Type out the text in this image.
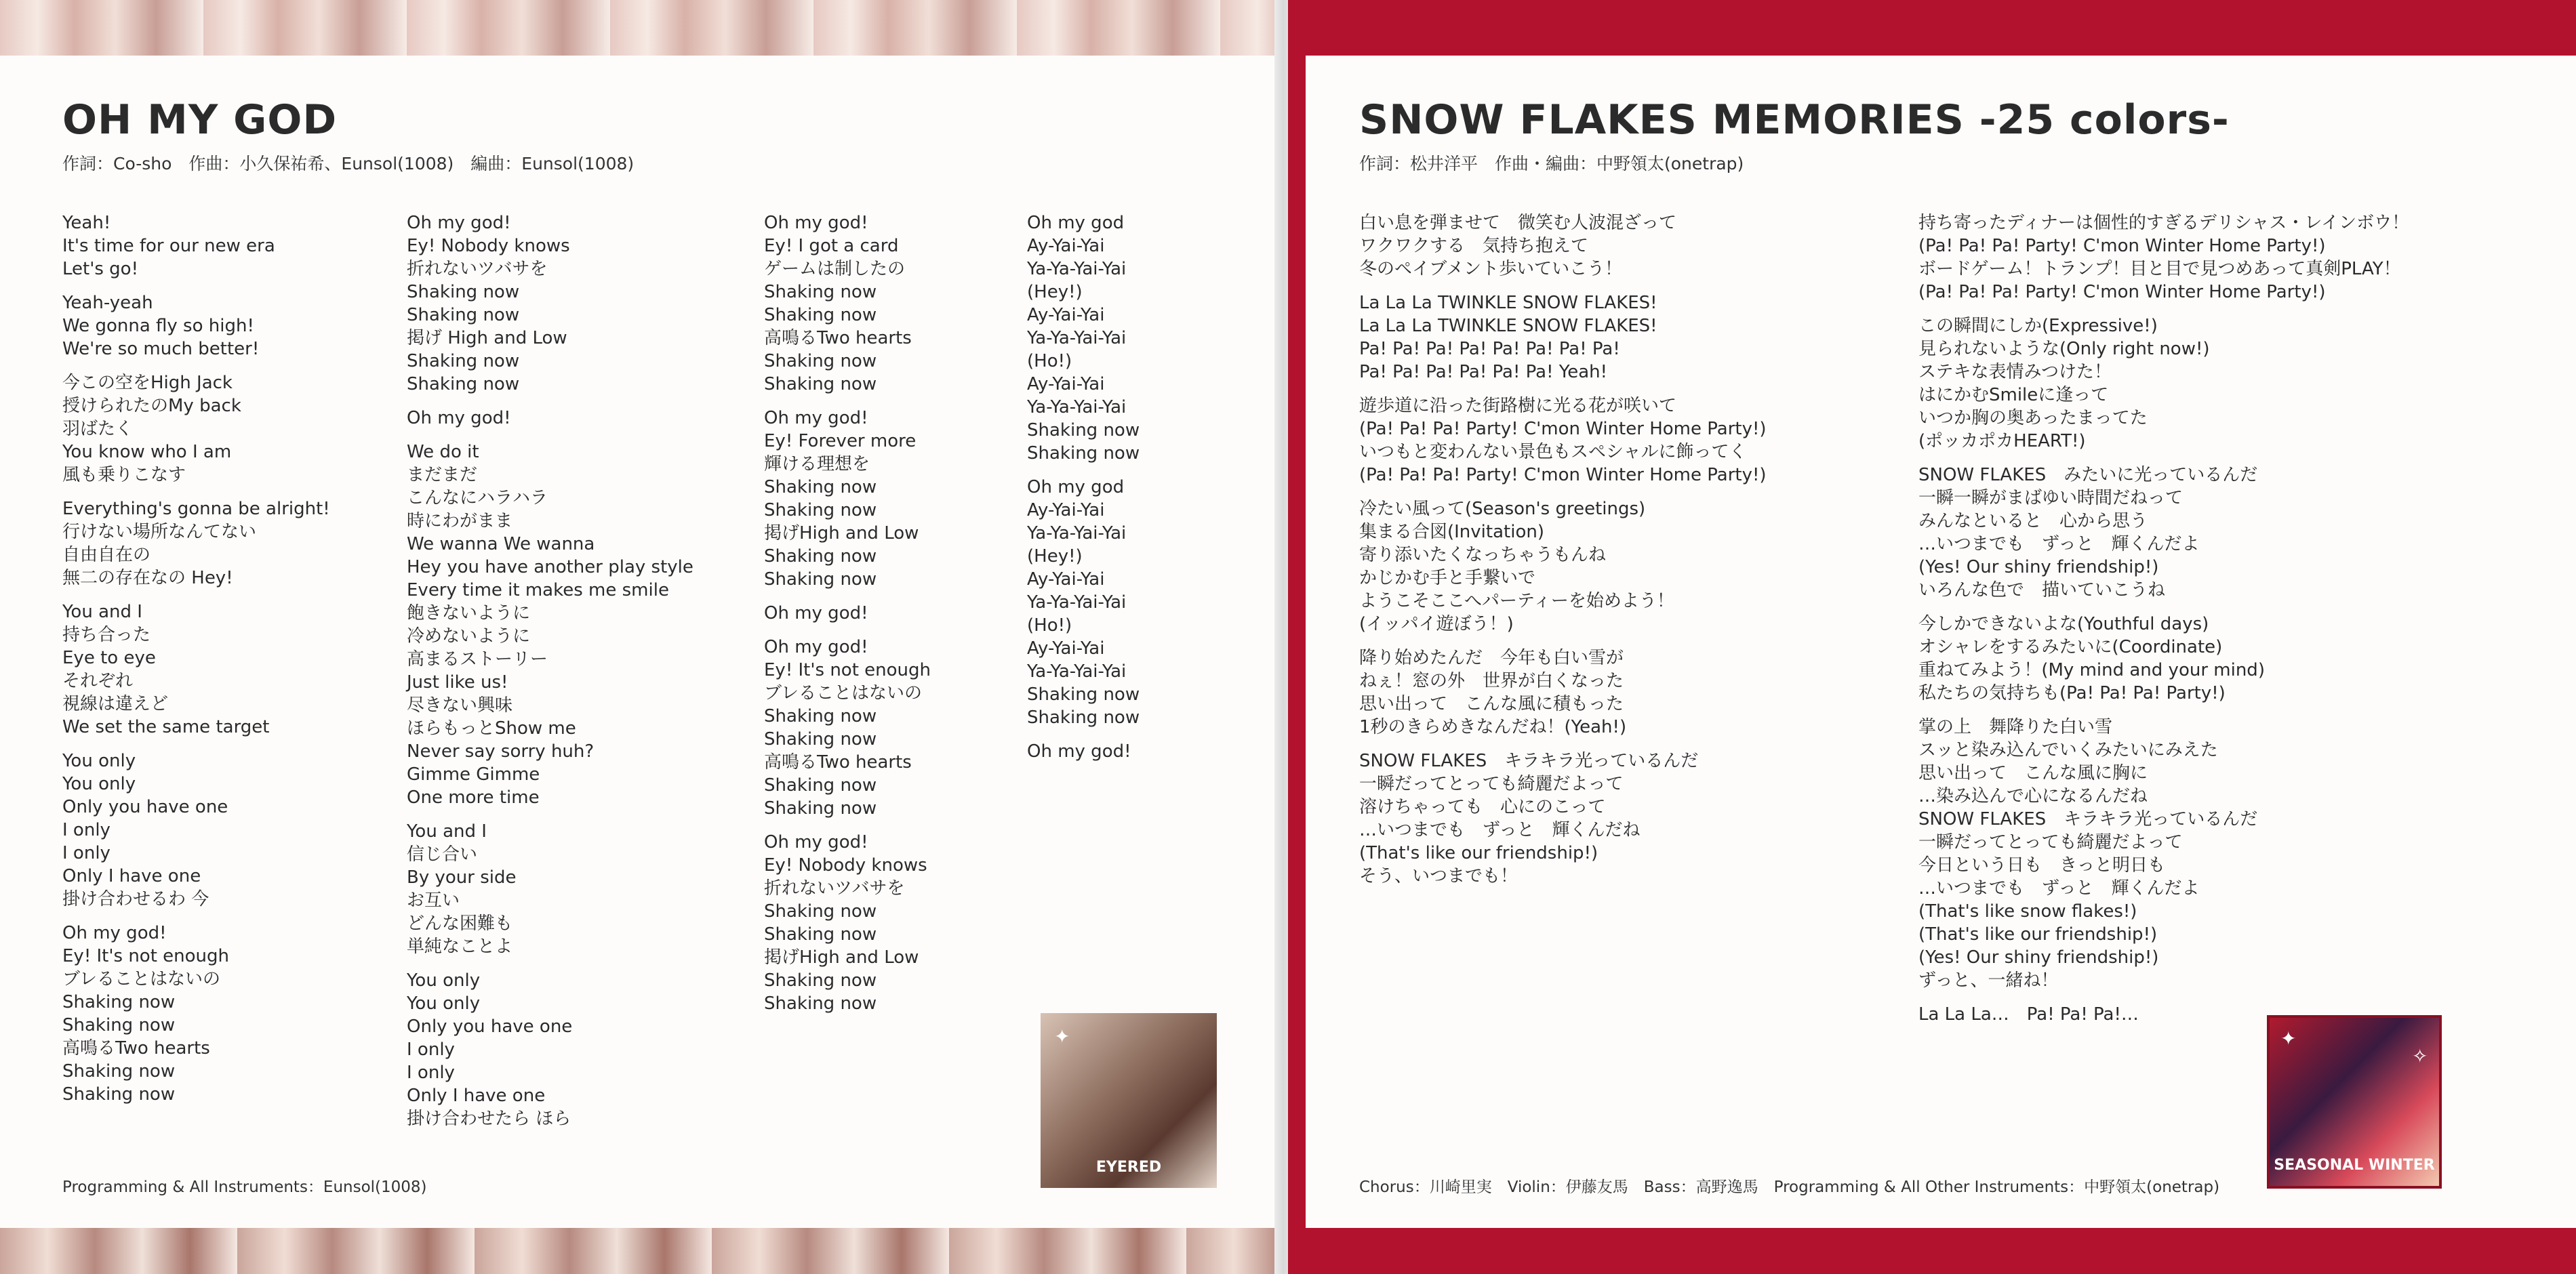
OH MY GOD
作詞：Co-sho　作曲：小久保祐希、Eunsol(1008)　編曲：Eunsol(1008)
Yeah!
It's time for our new era
Let's go!
Yeah-yeah
We gonna fly so high!
We're so much better!
今この空をHigh Jack
授けられたのMy back
羽ばたく
You know who I am
風も乗りこなす
Everything's gonna be alright!
行けない場所なんてない
自由自在の
無二の存在なの Hey!
You and I
持ち合った
Eye to eye
それぞれ
視線は違えど
We set the same target
You only
You only
Only you have one
I only
I only
Only I have one
掛け合わせるわ 今
Oh my god!
Ey! It's not enough
ブレることはないの
Shaking now
Shaking now
高鳴るTwo hearts
Shaking now
Shaking now
Oh my god!
Ey! Nobody knows
折れないツバサを
Shaking now
Shaking now
掲げ High and Low
Shaking now
Shaking now
Oh my god!
We do it
まだまだ
こんなにハラハラ
時にわがまま
We wanna We wanna
Hey you have another play style
Every time it makes me smile
飽きないように
冷めないように
高まるストーリー
Just like us!
尽きない興味
ほらもっとShow me
Never say sorry huh?
Gimme Gimme
One more time
You and I
信じ合い
By your side
お互い
どんな困難も
単純なことよ
You only
You only
Only you have one
I only
I only
Only I have one
掛け合わせたら ほら
Oh my god!
Ey! I got a card
ゲームは制したの
Shaking now
Shaking now
高鳴るTwo hearts
Shaking now
Shaking now
Oh my god!
Ey! Forever more
輝ける理想を
Shaking now
Shaking now
掲げHigh and Low
Shaking now
Shaking now
Oh my god!
Oh my god!
Ey! It's not enough
ブレることはないの
Shaking now
Shaking now
高鳴るTwo hearts
Shaking now
Shaking now
Oh my god!
Ey! Nobody knows
折れないツバサを
Shaking now
Shaking now
掲げHigh and Low
Shaking now
Shaking now
Oh my god
Ay-Yai-Yai
Ya-Ya-Yai-Yai
(Hey!)
Ay-Yai-Yai
Ya-Ya-Yai-Yai
(Ho!)
Ay-Yai-Yai
Ya-Ya-Yai-Yai
Shaking now
Shaking now
Oh my god
Ay-Yai-Yai
Ya-Ya-Yai-Yai
(Hey!)
Ay-Yai-Yai
Ya-Ya-Yai-Yai
(Ho!)
Ay-Yai-Yai
Ya-Ya-Yai-Yai
Shaking now
Shaking now
Oh my god!
Programming & All Instruments：Eunsol(1008)
✦
EYERED
SNOW FLAKES MEMORIES -25 colors-
作詞：松井洋平　作曲・編曲：中野領太(onetrap)
白い息を弾ませて　微笑む人波混ざって
ワクワクする　気持ち抱えて
冬のペイブメント歩いていこう！
La La La TWINKLE SNOW FLAKES!
La La La TWINKLE SNOW FLAKES!
Pa! Pa! Pa! Pa! Pa! Pa! Pa! Pa!
Pa! Pa! Pa! Pa! Pa! Pa! Yeah!
遊歩道に沿った街路樹に光る花が咲いて
(Pa! Pa! Pa! Party! C'mon Winter Home Party!)
いつもと変わんない景色もスペシャルに飾ってく
(Pa! Pa! Pa! Party! C'mon Winter Home Party!)
冷たい風って(Season's greetings)
集まる合図(Invitation)
寄り添いたくなっちゃうもんね
かじかむ手と手繋いで
ようこそここへパーティーを始めよう！
(イッパイ遊ぼう！)
降り始めたんだ　今年も白い雪が
ねぇ！窓の外　世界が白くなった
思い出って　こんな風に積もった
1秒のきらめきなんだね！(Yeah!)
SNOW FLAKES　キラキラ光っているんだ
一瞬だってとっても綺麗だよって
溶けちゃっても　心にのこって
…いつまでも　ずっと　輝くんだね
(That's like our friendship!)
そう、いつまでも！
持ち寄ったディナーは個性的すぎるデリシャス・レインボウ！
(Pa! Pa! Pa! Party! C'mon Winter Home Party!)
ボードゲーム！トランプ！目と目で見つめあって真剣PLAY！
(Pa! Pa! Pa! Party! C'mon Winter Home Party!)
この瞬間にしか(Expressive!)
見られないような(Only right now!)
ステキな表情みつけた！
はにかむSmileに逢って
いつか胸の奥あったまってた
(ポッカポカHEART!)
SNOW FLAKES　みたいに光っているんだ
一瞬一瞬がまばゆい時間だねって
みんなといると　心から思う
…いつまでも　ずっと　輝くんだよ
(Yes! Our shiny friendship!)
いろんな色で　描いていこうね
今しかできないよな(Youthful days)
オシャレをするみたいに(Coordinate)
重ねてみよう！(My mind and your mind)
私たちの気持ちも(Pa! Pa! Pa! Party!)
掌の上　舞降りた白い雪
スッと染み込んでいくみたいにみえた
思い出って　こんな風に胸に
…染み込んで心になるんだね
SNOW FLAKES　キラキラ光っているんだ
一瞬だってとっても綺麗だよって
今日という日も　きっと明日も
…いつまでも　ずっと　輝くんだよ
(That's like snow flakes!)
(That's like our friendship!)
(Yes! Our shiny friendship!)
ずっと、一緒ね！
La La La…　Pa! Pa! Pa!…
Chorus：川崎里実　Violin：伊藤友馬　Bass：高野逸馬　Programming & All Other Instruments：中野領太(onetrap)
✦
✧
SEASONAL WINTER
